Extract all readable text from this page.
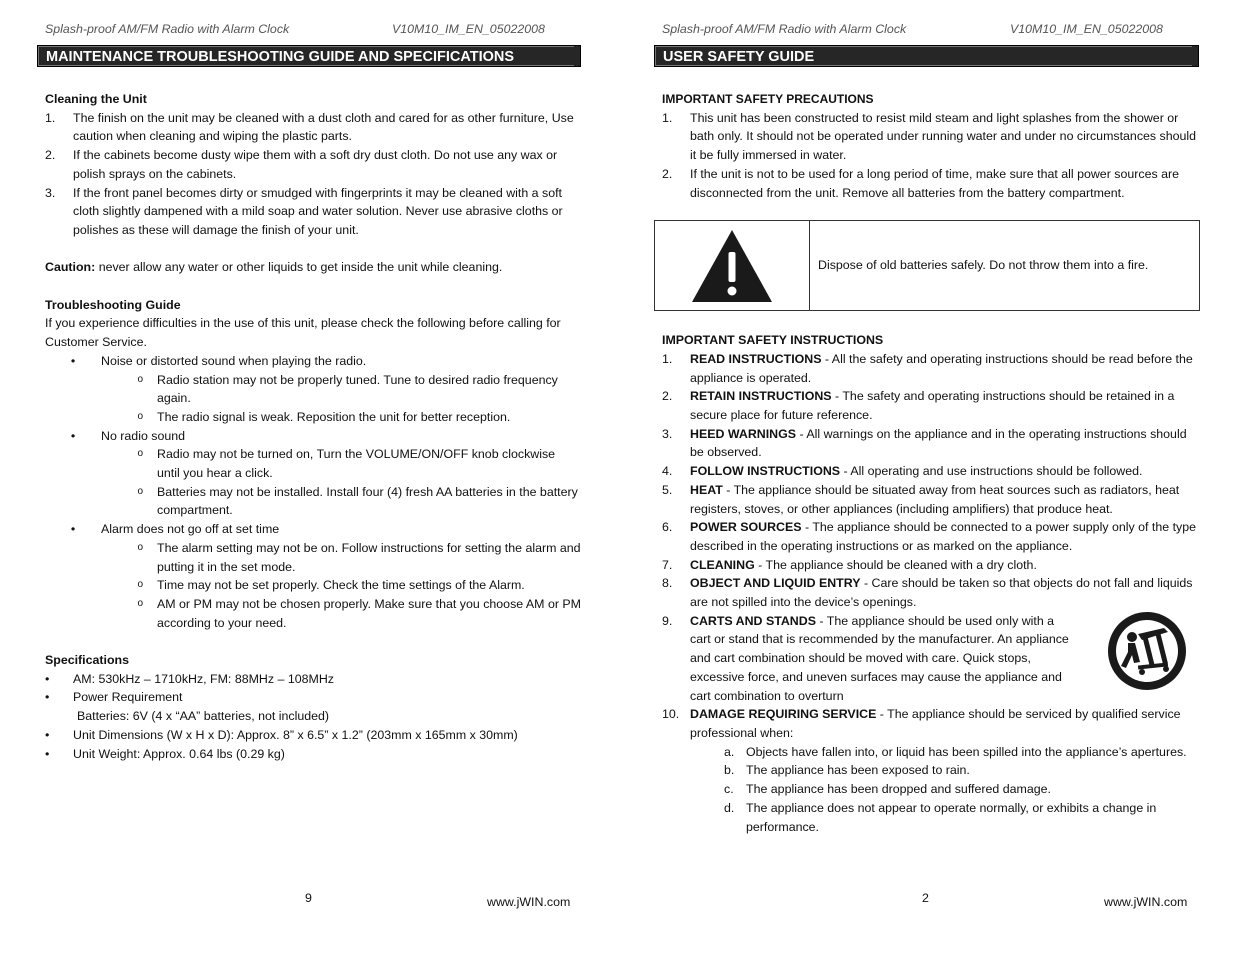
Splash-proof AM/FM Radio with Alarm Clock	V10M10_IM_EN_05022008
MAINTENANCE TROUBLESHOOTING GUIDE AND SPECIFICATIONS

Cleaning the Unit

1.	The finish on the unit may be cleaned with a dust cloth and cared for as other furniture, Use caution when cleaning and wiping the plastic parts.
2.	If the cabinets become dusty wipe them with a soft dry dust cloth. Do not use any wax or polish sprays on the cabinets.
3.	If the front panel becomes dirty or smudged with fingerprints it may be cleaned with a soft cloth slightly dampened with a mild soap and water solution. Never use abrasive cloths or polishes as these will damage the finish of your unit.

Caution: never allow any water or other liquids to get inside the unit while cleaning.

Troubleshooting Guide

If you experience difficulties in the use of this unit, please check the following before calling for Customer Service.

•	Noise or distorted sound when playing the radio.
o	Radio station may not be properly tuned. Tune to desired radio frequency again.
o	The radio signal is weak. Reposition the unit for better reception.
•	No radio sound
o	Radio may not be turned on, Turn the VOLUME/ON/OFF knob clockwise until you hear a click.
o	Batteries may not be installed. Install four (4) fresh AA batteries in the battery compartment.
•	Alarm does not go off at set time
o	The alarm setting may not be on. Follow instructions for setting the alarm and putting it in the set mode.
o	Time may not be set properly. Check the time settings of the Alarm.
o	AM or PM may not be chosen properly. Make sure that you choose AM or PM according to your need.

Specifications

•	AM: 530kHz – 1710kHz, FM: 88MHz – 108MHz
•	Power Requirement

Batteries: 6V (4 x “AA” batteries, not included)

•	Unit Dimensions (W x H x D): Approx. 8” x 6.5” x 1.2” (203mm x 165mm x 30mm)
•	Unit Weight: Approx. 0.64 lbs (0.29 kg)
9	www.jWIN.com
Splash-proof AM/FM Radio with Alarm Clock	V10M10_IM_EN_05022008
USER SAFETY GUIDE

IMPORTANT SAFETY PRECAUTIONS

1.	This unit has been constructed to resist mild steam and light splashes from the shower or bath only. It should not be operated under running water and under no circumstances should it be fully immersed in water.
2.	If the unit is not to be used for a long period of time, make sure that all power sources are disconnected from the unit. Remove all batteries from the battery compartment.
Dispose of old batteries safely. Do not throw them into a fire.

IMPORTANT SAFETY INSTRUCTIONS

1.	READ INSTRUCTIONS - All the safety and operating instructions should be read before the appliance is operated.
2.	RETAIN INSTRUCTIONS - The safety and operating instructions should be retained in a secure place for future reference.
3.	HEED WARNINGS - All warnings on the appliance and in the operating instructions should be observed.
4.	FOLLOW INSTRUCTIONS - All operating and use instructions should be followed.
5.	HEAT - The appliance should be situated away from heat sources such as radiators, heat registers, stoves, or other appliances (including amplifiers) that produce heat.
6.	POWER SOURCES - The appliance should be connected to a power supply only of the type described in the operating instructions or as marked on the appliance.
7.	CLEANING - The appliance should be cleaned with a dry cloth.
8.	OBJECT AND LIQUID ENTRY - Care should be taken so that objects do not fall and liquids are not spilled into the device’s openings.
9.	CARTS AND STANDS - The appliance should be used only with a cart or stand that is recommended by the manufacturer. An appliance and cart combination should be moved with care. Quick stops, excessive force, and uneven surfaces may cause the appliance and cart combination to overturn
10. DAMAGE REQUIRING SERVICE - The appliance should be serviced by qualified service professional when:
a. Objects have fallen into, or liquid has been spilled into the appliance’s apertures.
b. The appliance has been exposed to rain.
c. The appliance has been dropped and suffered damage.
d. The appliance does not appear to operate normally, or exhibits a change in performance.
2	www.jWIN.com
